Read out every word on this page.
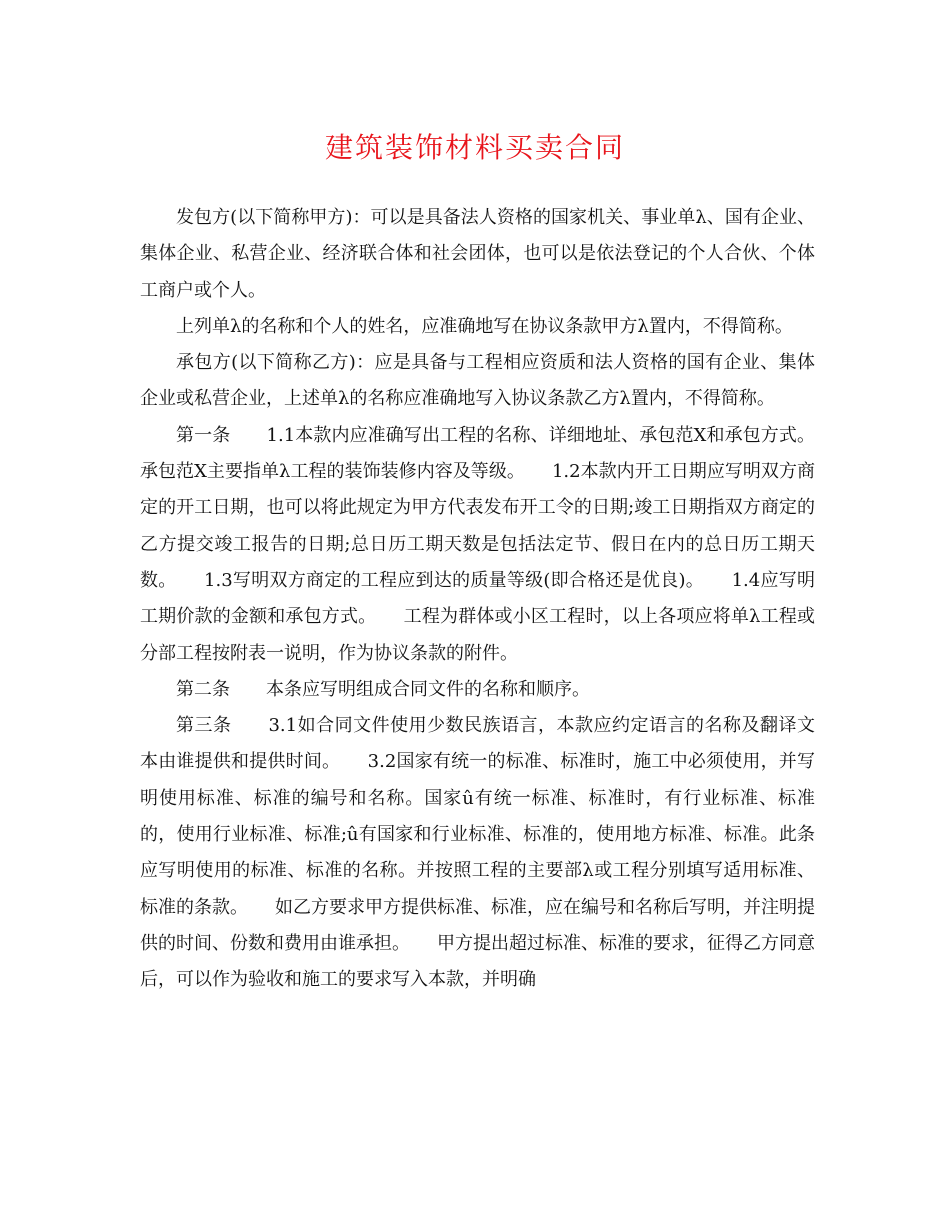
建筑装饰材料买卖合同

发包方(以下简称甲方)：可以是具备法人资格的国家机关、事业单λ、国有企业、集体企业、私营企业、经济联合体和社会团体，也可以是依法登记的个人合伙、个体工商户或个人。

上列单λ的名称和个人的姓名，应准确地写在协议条款甲方λ置内，不得简称。

承包方(以下简称乙方)：应是具备与工程相应资质和法人资格的国有企业、集体企业或私营企业，上述单λ的名称应准确地写入协议条款乙方λ置内，不得简称。

第一条　　1.1本款内应准确写出工程的名称、详细地址、承包范X和承包方式。承包范X主要指单λ工程的装饰装修内容及等级。　　1.2本款内开工日期应写明双方商定的开工日期，也可以将此规定为甲方代表发布开工令的日期;竣工日期指双方商定的乙方提交竣工报告的日期;总日历工期天数是包括法定节、假日在内的总日历工期天数。　　1.3写明双方商定的工程应到达的质量等级(即合格还是优良)。　　1.4应写明工期价款的金额和承包方式。　　工程为群体或小区工程时，以上各项应将单λ工程或分部工程按附表一说明，作为协议条款的附件。

第二条　　本条应写明组成合同文件的名称和顺序。

第三条　　3.1如合同文件使用少数民族语言，本款应约定语言的名称及翻译文本由谁提供和提供时间。　　3.2国家有统一的标准、标准时，施工中必须使用，并写明使用标准、标准的编号和名称。国家û有统一标准、标准时，有行业标准、标准的，使用行业标准、标准;û有国家和行业标准、标准的，使用地方标准、标准。此条应写明使用的标准、标准的名称。并按照工程的主要部λ或工程分别填写适用标准、标准的条款。　　如乙方要求甲方提供标准、标准，应在编号和名称后写明，并注明提供的时间、份数和费用由谁承担。　　甲方提出超过标准、标准的要求，征得乙方同意后，可以作为验收和施工的要求写入本款，并明确
